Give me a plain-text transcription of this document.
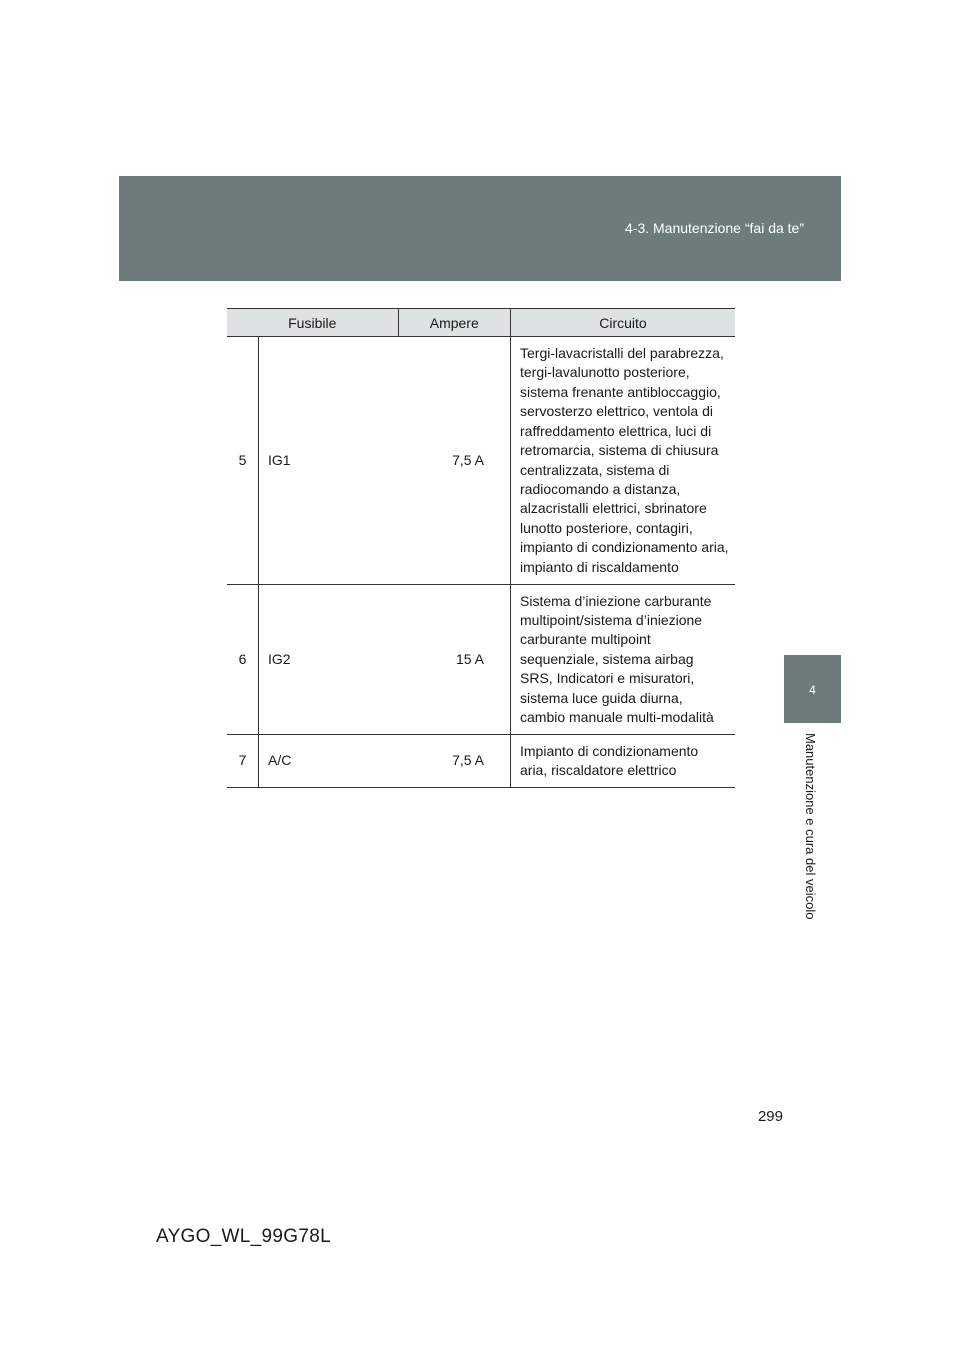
4-3. Manutenzione “fai da te”
4
Manutenzione e cura del veicolo
Fusibile		Ampere	Circuito
5	IG1	7,5 A	Tergi-lavacristalli del parabrezza, tergi-lavalunotto posteriore, sistema frenante antibloccaggio, servosterzo elettrico, ventola di raffreddamento elettrica, luci di retromarcia, sistema di chiusura centralizzata, sistema di radiocomando a distanza, alzacristalli elettrici, sbrinatore lunotto posteriore, contagiri, impianto di condizionamento aria, impianto di riscaldamento
6	IG2	15 A	Sistema d’iniezione carburante multipoint/sistema d’iniezione carburante multipoint sequenziale, sistema airbag SRS, Indicatori e misuratori, sistema luce guida diurna, cambio manuale multi-modalità
7	A/C	7,5 A	Impianto di condizionamento aria, riscaldatore elettrico
299
AYGO_WL_99G78L
